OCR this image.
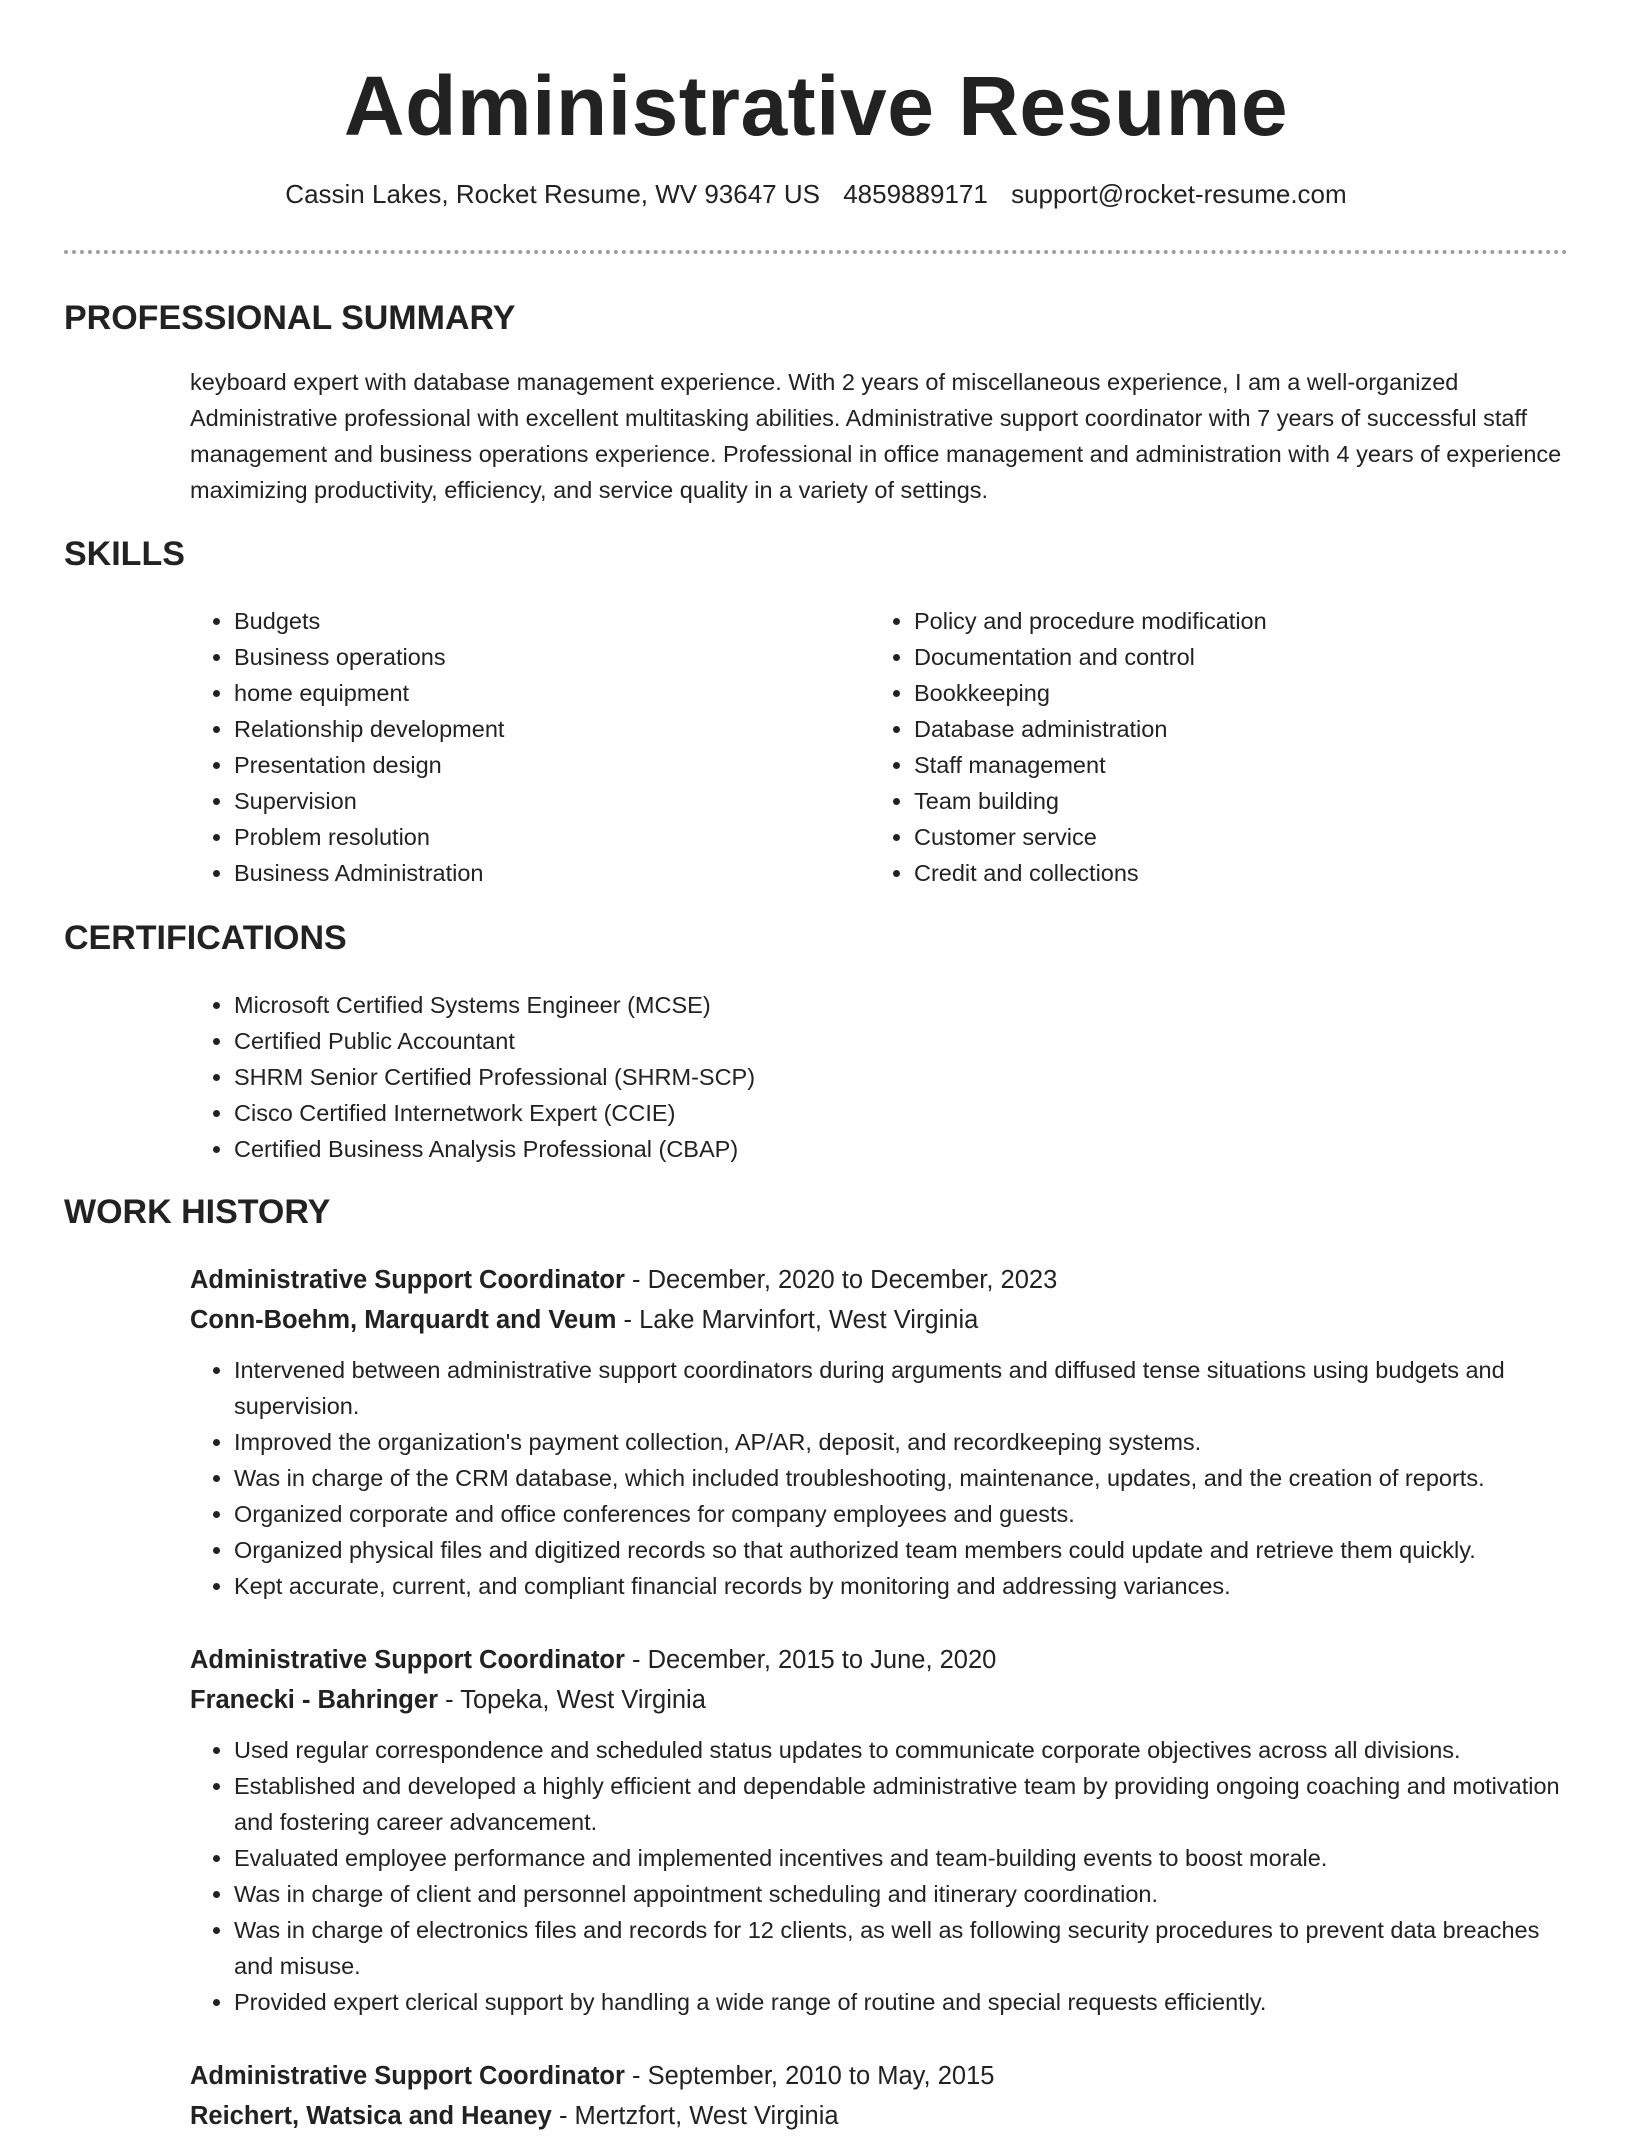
Administrative Resume
Cassin Lakes, Rocket Resume, WV 93647 US 4859889171 support@rocket-resume.com
PROFESSIONAL SUMMARY

keyboard expert with database management experience. With 2 years of miscellaneous experience, I am a well-organized Administrative professional with excellent multitasking abilities. Administrative support coordinator with 7 years of successful staff management and business operations experience. Professional in office management and administration with 4 years of experience maximizing productivity, efficiency, and service quality in a variety of settings.

SKILLS
• Budgets
• Business operations
• home equipment
• Relationship development
• Presentation design
• Supervision
• Problem resolution
• Business Administration
• Policy and procedure modification
• Documentation and control
• Bookkeeping
• Database administration
• Staff management
• Team building
• Customer service
• Credit and collections
CERTIFICATIONS
• Microsoft Certified Systems Engineer (MCSE)
• Certified Public Accountant
• SHRM Senior Certified Professional (SHRM-SCP)
• Cisco Certified Internetwork Expert (CCIE)
• Certified Business Analysis Professional (CBAP)
WORK HISTORY
Administrative Support Coordinator - December, 2020 to December, 2023
Conn-Boehm, Marquardt and Veum - Lake Marvinfort, West Virginia
• Intervened between administrative support coordinators during arguments and diffused tense situations using budgets and supervision.
• Improved the organization's payment collection, AP/AR, deposit, and recordkeeping systems.
• Was in charge of the CRM database, which included troubleshooting, maintenance, updates, and the creation of reports.
• Organized corporate and office conferences for company employees and guests.
• Organized physical files and digitized records so that authorized team members could update and retrieve them quickly.
• Kept accurate, current, and compliant financial records by monitoring and addressing variances.
Administrative Support Coordinator - December, 2015 to June, 2020
Franecki - Bahringer - Topeka, West Virginia
• Used regular correspondence and scheduled status updates to communicate corporate objectives across all divisions.
• Established and developed a highly efficient and dependable administrative team by providing ongoing coaching and motivation and fostering career advancement.
• Evaluated employee performance and implemented incentives and team-building events to boost morale.
• Was in charge of client and personnel appointment scheduling and itinerary coordination.
• Was in charge of electronics files and records for 12 clients, as well as following security procedures to prevent data breaches and misuse.
• Provided expert clerical support by handling a wide range of routine and special requests efficiently.
Administrative Support Coordinator - September, 2010 to May, 2015
Reichert, Watsica and Heaney - Mertzfort, West Virginia
